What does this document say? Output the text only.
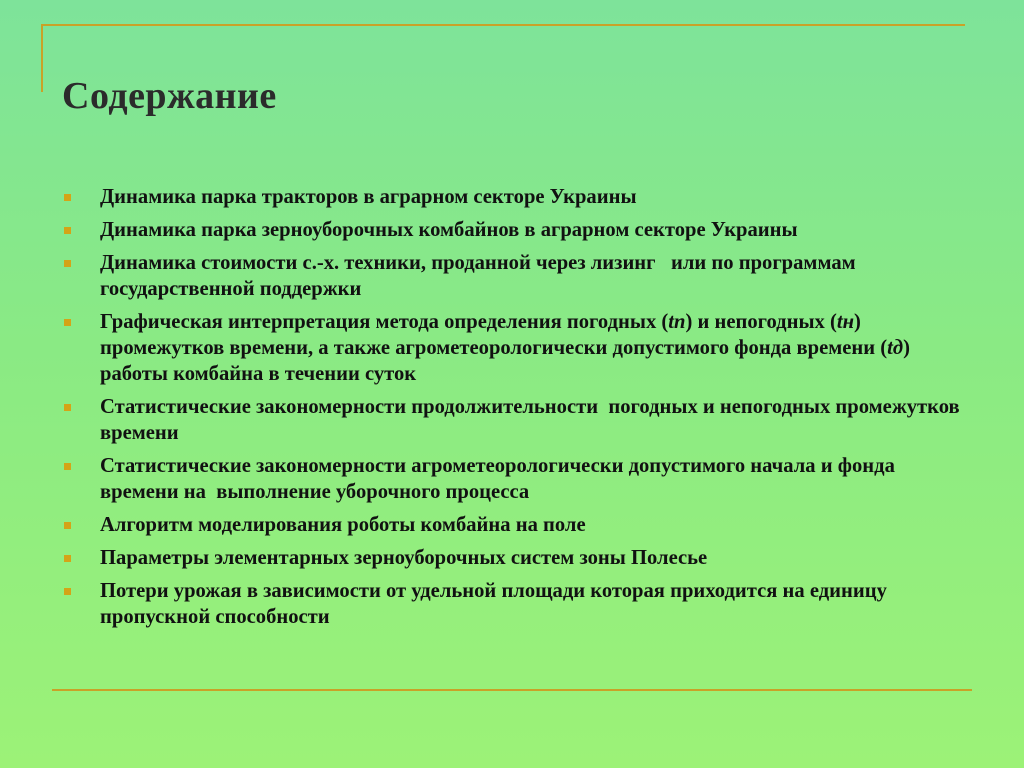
Содержание
Динамика парка тракторов в аграрном секторе Украины
Динамика парка зерноуборочных комбайнов в аграрном секторе Украины
Динамика стоимости с.-х. техники, проданной через лизинг   или по программам государственной поддержки
Графическая интерпретация метода определения погодных (tп) и непогодных (tн) промежутков времени, а также агрометеорологически допустимого фонда времени (tд) работы комбайна в течении суток
Статистические закономерности продолжительности  погодных и непогодных промежутков времени
Статистические закономерности агрометеорологически допустимого начала и фонда времени на  выполнение уборочного процесса
Алгоритм моделирования роботы комбайна на поле
Параметры элементарных зерноуборочных систем зоны Полесье
Потери урожая в зависимости от удельной площади которая приходится на единицу пропускной способности
